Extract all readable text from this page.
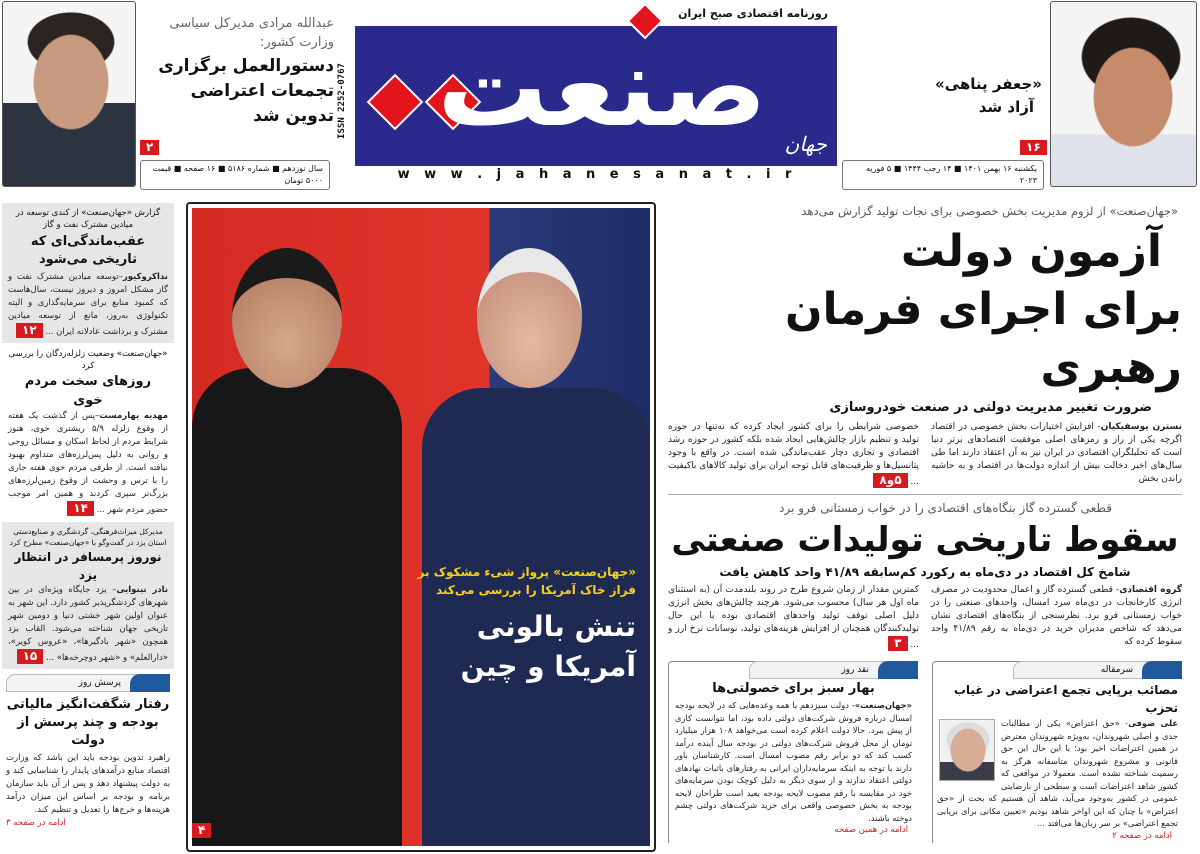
عبدالله مرادی مدیرکل سیاسی وزارت کشور:
دستورالعمل برگزاری تجمعات اعتراضی تدوین شد
۲
سال نوزدهم ■ شماره ۵۱۸۶ ■ ۱۶ صفحه ■ قیمت ۵۰۰۰ تومان
ISSN 2252-0767
روزنامه اقتصادی صبح ایران
صنعت جهان
w w w . j a h a n e s a n a t . i r
«جعفر پناهی»
آزاد شد
۱۶
یکشنبه ۱۶ بهمن ۱۴۰۱ ■ ۱۴ رجب ۱۴۴۴ ■ ۵ فوریه ۲۰۲۳
گزارش «جهان‌صنعت» از کندی توسعه در میادین مشترک نفت و گاز
عقب‌ماندگی‌ای که تاریخی می‌شود
نداکروکیور–توسعه میادین مشترک نفت و گاز مشکل امروز و دیروز نیست، سال‌هاست که کمبود منابع برای سرمایه‌گذاری و البته تکنولوژی به‌روز، مانع از توسعه میادین مشترک و برداشت عادلانه ایران ... ۱۲
«جهان‌صنعت» وضعیت زلزله‌زدگان را بررسی کرد
روزهای سخت مردم خوی
مهدیه بهارمست–پس از گذشت یک هفته از وقوع زلزله ۵/۹ ریشتری خوی، هنوز شرایط مردم از لحاظ اسکان و مسائل روحی و روانی به دلیل پس‌لرزه‌های متداوم بهبود نیافته است. از طرفی مردم خوی هفته جاری را با ترس و وحشت از وقوع زمین‌لرزه‌های بزرگ‌تر سپری کردند و همین امر موجب حضور مردم شهر ... ۱۴
مدیرکل میراث‌فرهنگی، گردشگری و صنایع‌دستی استان یزد در گفت‌وگو با «جهان‌صنعت» مطرح کرد
نوروز پرمسافر در انتظار یزد
نادر نینوایی– یزد جایگاه ویژه‌ای در بین شهرهای گردشگرپذیر کشور دارد. این شهر به عنوان اولین شهر خشتی دنیا و دومین شهر تاریخی جهان شناخته می‌شود. القاب یزد همچون «شهر بادگیرها»، «عروس کویر»، «دارالعلم» و «شهر دوچرخه‌ها» ... ۱۵
پرسش روز
رفتار شگفت‌انگیز مالیاتی بودجه و چند پرسش از دولت
راهبرد تدوین بودجه باید این باشد که وزارت اقتصاد منابع درآمدهای پایدار را شناسایی کند و به دولت پیشنهاد دهد و پس از آن باید سازمان برنامه و بودجه بر اساس این میزان درآمد هزینه‌ها و خرج‌ها را تعدیل و تنظیم کند.
ادامه در صفحه ۳
«جهان‌صنعت» پرواز شیء مشکوک بر فراز خاک آمریکا را بررسی می‌کند
تنش بالونی
آمریکا و چین
۴
«جهان‌صنعت» از لزوم مدیریت بخش خصوصی برای نجات تولید گزارش می‌دهد
آزمون دولت
برای اجرای فرمان رهبری
ضرورت تغییر مدیریت دولتی در صنعت خودروسازی
نسترن یوسفبکیان- افزایش اختیارات بخش خصوصی در اقتصاد اگرچه یکی از راز و رمزهای اصلی موفقیت اقتصادهای برتر دنیا است که تحلیلگران اقتصادی در ایران نیز به آن اعتقاد دارند اما طی سال‌های اخیر دخالت بیش از اندازه دولت‌ها در اقتصاد و به حاشیه راندن بخش
خصوصی شرایطی را برای کشور ایجاد کرده که نه‌تنها در حوزه تولید و تنظیم بازار چالش‌هایی ایجاد شده بلکه کشور در حوزه رشد اقتصادی و تجاری دچار عقب‌ماندگی شده است. در واقع با وجود پتانسیل‌ها و ظرفیت‌های قابل توجه ایران برای تولید کالاهای باکیفیت ... ۵و۸
قطعی گسترده گاز بنگاه‌های اقتصادی را در خواب زمستانی فرو برد
سقوط تاریخی تولیدات صنعتی
شامخ کل اقتصاد در دی‌ماه به رکورد کم‌سابقه ۴۱/۸۹ واحد کاهش یافت
گروه اقتصادی- قطعی گسترده گاز و اعمال محدودیت در مصرف انرژی کارخانجات در دی‌ماه سرد امسال، واحدهای صنعتی را در خواب زمستانی فرو برد. نظرسنجی از بنگاه‌های اقتصادی نشان می‌دهد که شاخص مدیران خرید در دی‌ماه به رقم ۴۱/۸۹ واحد سقوط کرده که
کمترین مقدار از زمان شروع طرح در روند بلندمدت آن (به استثنای ماه اول هر سال) محسوب می‌شود. هرچند چالش‌های بخش انرژی دلیل اصلی توقف تولید واحدهای اقتصادی بوده با این حال تولیدکنندگان همچنان از افزایش هزینه‌های تولید، نوسانات نرخ ارز و ... ۳
سرمقاله
مصائب برپایی تجمع اعتراضی در غیاب تحزب
علی صوفی- «حق اعتراض» یکی از مطالبات جدی و اصلی شهروندان، به‌ویژه شهروندان معترض در همین اعتراضات اخیر بود؛ با این حال این حق قانونی و مشروع شهروندان متاسفانه هرگز به رسمیت شناخته نشده است. معمولا در مواقعی که کشور شاهد اعتراضات است و سطحی از نارضایتی عمومی در کشور به‌وجود می‌آید، شاهد آن هستیم که بحث از «حق اعتراض» با چنان که این اواخر شاهد بودیم «تعیین مکانی برای برپایی تجمع اعتراضی» بر سر زبان‌ها می‌افتد ...
ادامه در صفحه ۲
نقد روز
بهار سبز برای خصولتی‌ها
«جهان‌صنعت»- دولت سیزدهم با همه وعده‌هایی که در لایحه بودجه امسال درباره فروش شرکت‌های دولتی داده بود، اما نتوانست کاری از پیش ببرد. حالا دولت اعلام کرده است می‌خواهد ۱۰۸ هزار میلیارد تومان از محل فروش شرکت‌های دولتی در بودجه سال آینده درآمد کسب کند که دو برابر رقم مصوب امسال است. کارشناسان باور دارند با توجه به اینکه سرمایه‌داران ایرانی به رفتارهای باثبات نهادهای دولتی اعتقاد ندارند و از سوی دیگر به دلیل کوچک بودن سرمایه‌های خود در مقایسه با رقم مصوب لایحه بودجه بعید است طراحان لایحه بودجه به بخش خصوصی واقعی برای خرید شرکت‌های دولتی چشم دوخته باشند.
ادامه در همین صفحه
